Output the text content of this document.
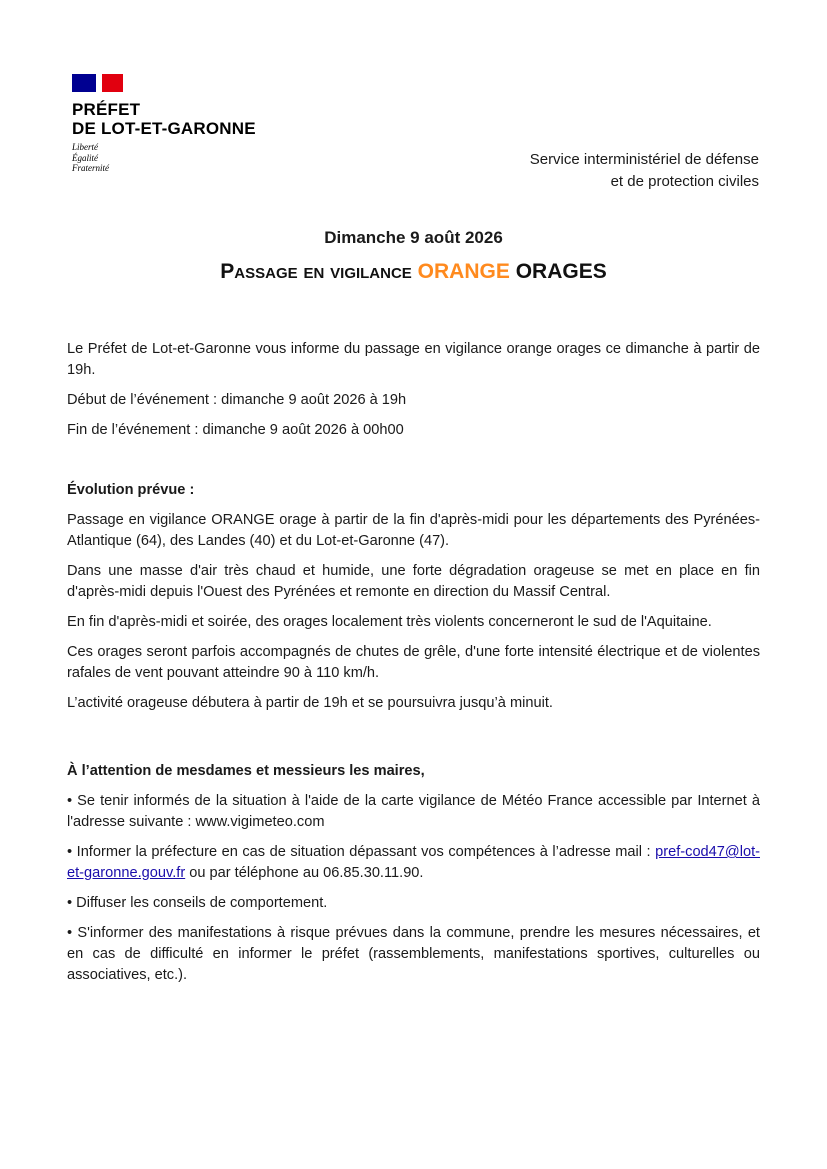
PRÉFET
DE LOT-ET-GARONNE
Liberté
Égalité
Fraternité	Service interministériel de défense
et de protection civiles
Dimanche 9 août 2026
Passage en vigilance ORANGE ORAGES

Le Préfet de Lot-et-Garonne vous informe du passage en vigilance orange orages ce dimanche à partir de 19h.

Début de l’événement : dimanche 9 août 2026 à 19h

Fin de l’événement : dimanche 9 août 2026 à 00h00

Évolution prévue :

Passage en vigilance ORANGE orage à partir de la fin d'après-midi pour les départements des Pyrénées-Atlantique (64), des Landes (40) et du Lot-et-Garonne (47).

Dans une masse d'air très chaud et humide, une forte dégradation orageuse se met en place en fin d'après-midi depuis l'Ouest des Pyrénées et remonte en direction du Massif Central.

En fin d'après-midi et soirée, des orages localement très violents concerneront le sud de l'Aquitaine.

Ces orages seront parfois accompagnés de chutes de grêle, d'une forte intensité électrique et de violentes rafales de vent pouvant atteindre 90 à 110 km/h.

L’activité orageuse débutera à partir de 19h et se poursuivra jusqu’à minuit.

À l’attention de mesdames et messieurs les maires,

• Se tenir informés de la situation à l'aide de la carte vigilance de Météo France accessible par Internet à l'adresse suivante : www.vigimeteo.com

• Informer la préfecture en cas de situation dépassant vos compétences à l’adresse mail : pref-cod47@lot-et-garonne.gouv.fr ou par téléphone au 06.85.30.11.90.

• Diffuser les conseils de comportement.

• S'informer des manifestations à risque prévues dans la commune, prendre les mesures nécessaires, et en cas de difficulté en informer le préfet (rassemblements, manifestations sportives, culturelles ou associatives, etc.).
